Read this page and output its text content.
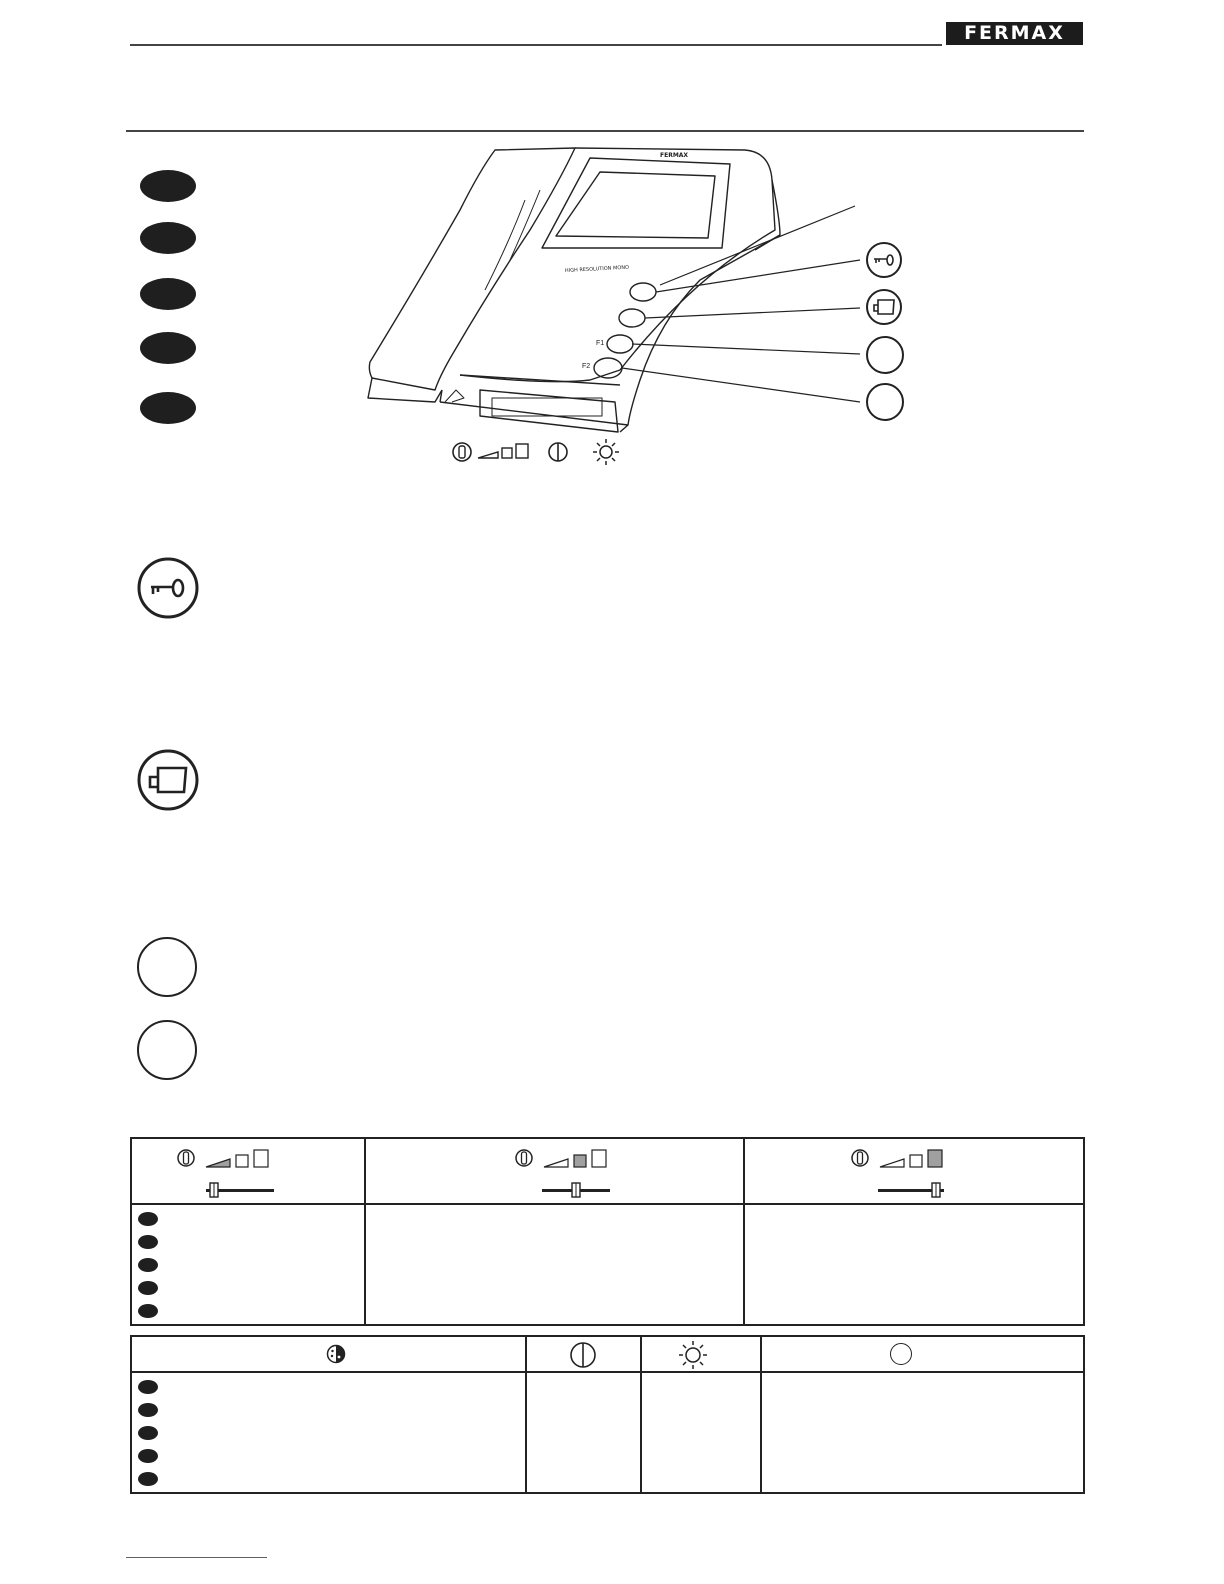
FERMAX
FERMAX
HIGH RESOLUTION MONO
F1
F2
